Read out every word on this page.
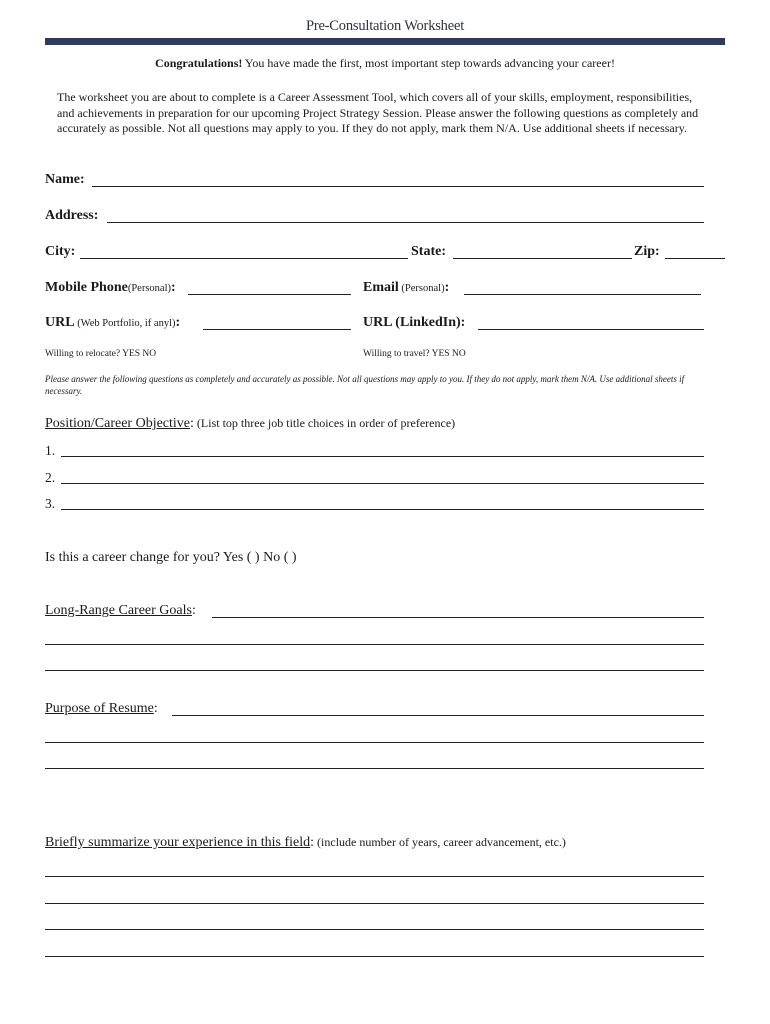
Pre-Consultation Worksheet
Congratulations! You have made the first, most important step towards advancing your career!
The worksheet you are about to complete is a Career Assessment Tool, which covers all of your skills, employment, responsibilities, and achievements in preparation for our upcoming Project Strategy Session. Please answer the following questions as completely and accurately as possible. Not all questions may apply to you. If they do not apply, mark them N/A. Use additional sheets if necessary.
Name:
Address:
City:	State:	Zip:
Mobile Phone(Personal):	Email (Personal):
URL (Web Portfolio, if anyl):	URL (LinkedIn):
Willing to relocate? YES NO	Willing to travel? YES NO
Please answer the following questions as completely and accurately as possible. Not all questions may apply to you. If they do not apply, mark them N/A. Use additional sheets if necessary.
Position/Career Objective: (List top three job title choices in order of preference)
1.
2.
3.
Is this a career change for you? Yes ( ) No ( )
Long-Range Career Goals:
Purpose of Resume:
Briefly summarize your experience in this field: (include number of years, career advancement, etc.)
